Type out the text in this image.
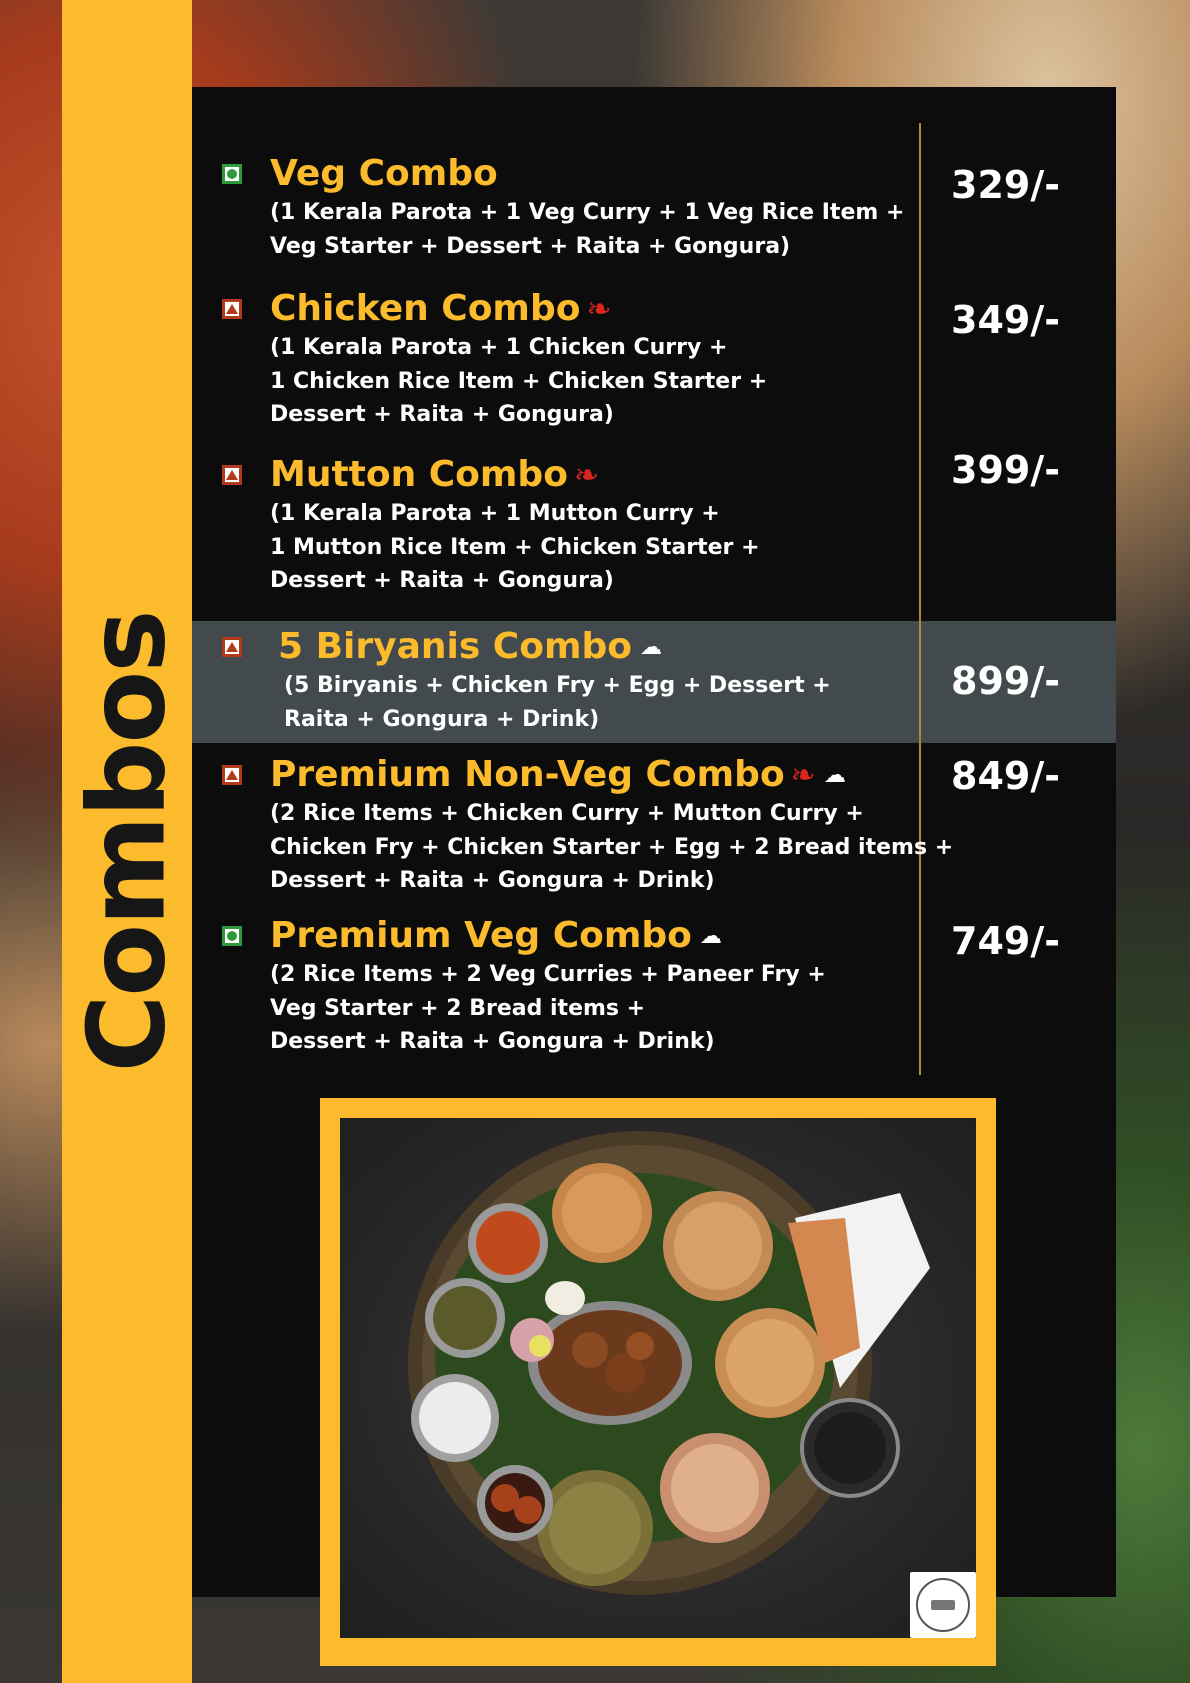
Combos
Veg Combo
(1 Kerala Parota + 1 Veg Curry + 1 Veg Rice Item +
Veg Starter + Dessert + Raita + Gongura)
329/-
Chicken Combo ❧
(1 Kerala Parota + 1 Chicken Curry +
1 Chicken Rice Item + Chicken Starter +
Dessert + Raita + Gongura)
349/-
Mutton Combo ❧
(1 Kerala Parota + 1 Mutton Curry +
1 Mutton Rice Item + Chicken Starter +
Dessert + Raita + Gongura)
399/-
5 Biryanis Combo ☁
(5 Biryanis + Chicken Fry + Egg + Dessert +
Raita + Gongura + Drink)
899/-
Premium Non-Veg Combo ❧ ☁
(2 Rice Items + Chicken Curry + Mutton Curry +
Chicken Fry + Chicken Starter + Egg + 2 Bread items +
Dessert + Raita + Gongura + Drink)
849/-
Premium Veg Combo ☁
(2 Rice Items + 2 Veg Curries + Paneer Fry +
Veg Starter + 2 Bread items +
Dessert + Raita + Gongura + Drink)
749/-
